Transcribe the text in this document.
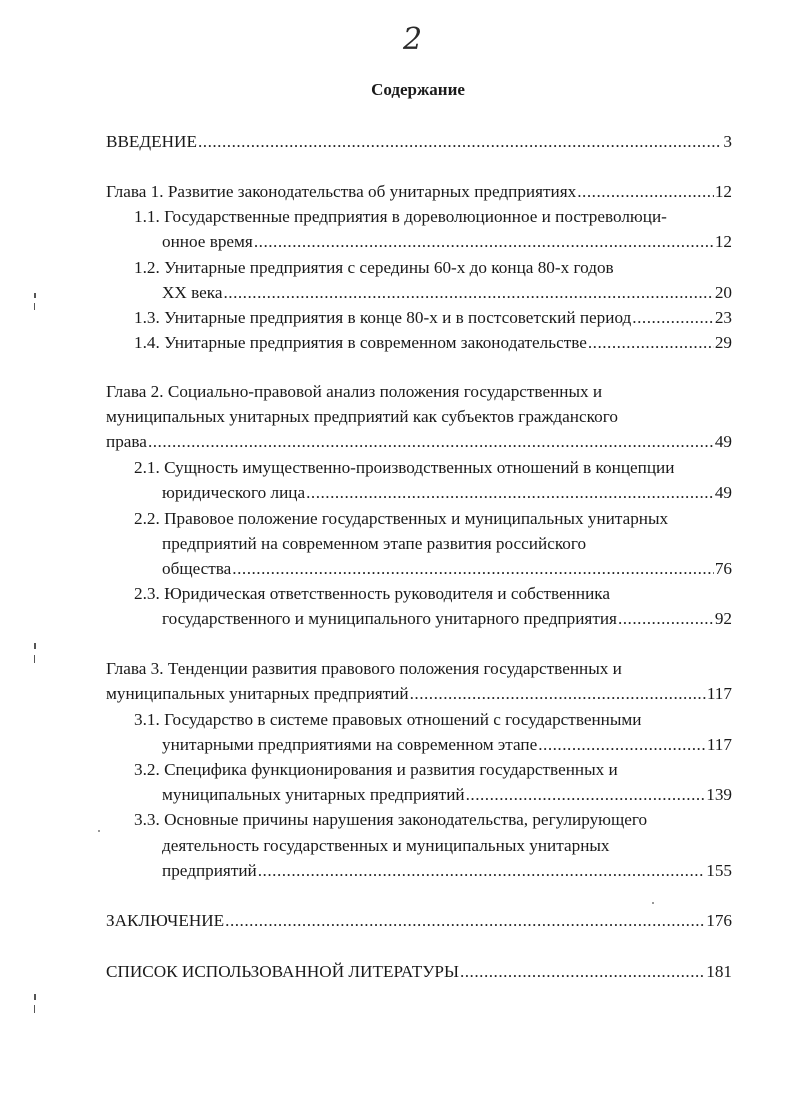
2
Содержание
ВВЕДЕНИЕ .....	3
Глава 1. Развитие законодательства об унитарных предприятиях .....	12
1.1. Государственные предприятия в дореволюционное и постреволюци-
онное время .....	12
1.2. Унитарные предприятия с середины 60-х до конца 80-х годов
XX века .....	20
1.3. Унитарные предприятия в конце 80-х и в постсоветский период .....	23
1.4. Унитарные предприятия в современном законодательстве .....	29
Глава 2. Социально-правовой анализ положения государственных и
муниципальных унитарных предприятий как субъектов гражданского
права .....	49
2.1. Сущность имущественно-производственных отношений в концепции
юридического лица .....	49
2.2. Правовое положение государственных и муниципальных унитарных
предприятий на современном этапе развития российского
общества .....	76
2.3. Юридическая ответственность руководителя и собственника
государственного и муниципального унитарного предприятия .....	92
Глава 3. Тенденции развития правового положения государственных и
муниципальных унитарных предприятий .....	117
3.1. Государство в системе правовых отношений с государственными
унитарными предприятиями на современном этапе .....	117
3.2. Специфика функционирования и развития государственных и
муниципальных унитарных предприятий .....	139
3.3. Основные причины нарушения законодательства, регулирующего
деятельность государственных и муниципальных унитарных
предприятий .....	155
ЗАКЛЮЧЕНИЕ .....	176
СПИСОК ИСПОЛЬЗОВАННОЙ ЛИТЕРАТУРЫ .....	181
